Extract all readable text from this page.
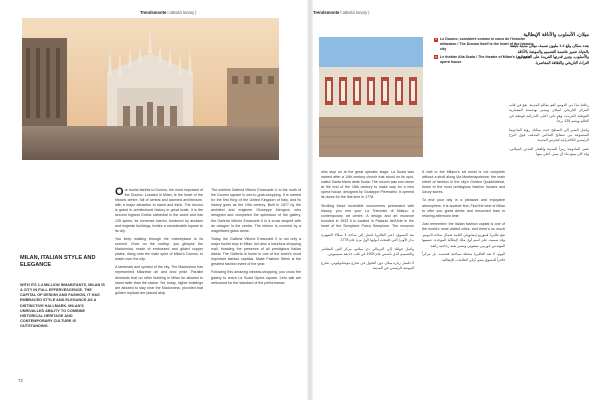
Trendsmonte l attività lunary |	Trendsmonte l attività lunary |
MILAN, ITALIAN STYLE AND ELEGANCE
WITH ITS 1.4 MILLION INHABITANTS, MILAN IS A CITY IN FULL EFFERVESCENCE. THE CAPITAL OF DESIGN AND FASHION, IT HAS EMBRACED STYLE AND ELEGANCE AS A DISTINCTIVE HALLMARK. MILAN'S UNRIVALLED ABILITY TO COMBINE HISTORICAL HERITAGE AND CONTEMPORARY CULTURE IS OUTSTANDING.

Our tourist fairthis to Duomo, the most important of the Duomo. Located in Milan, is the heart of the historic centre, full of central and adorned architecture, with a major attraction to stand and think. The duomo is grand in architectural history in great scale, it is the second highest Gothic cathedral in the world and has 135 spires. Its immense interior, bordered by arcades and majestic buildings, invites a considerable square to its city.

You keep walking through the marketplace to its summit. Once on the rooftop, you glimpse the Madonnina, made of embossed and gilded copper plates, rising onto the main spire of Milan's Duomo, to watch over the city.

A landmark and symbol of the city, The Madonnina has represented Milanese art and civic pride. Parallel demands that no other building in Milan be allowed to stand taller than the statue. Yet, today, higher buildings are allowed to stay near the Madonnina, provided that golden replicas are placed atop.

The sublime Galleria Vittorio Emanuele II, to the north of the Duomo square is one-to-grab-shopping. It is named for the first King of the United Kingdom of Italy, and its history goes as the 19th century. Built in 1877 by the architect and engineer Giuseppe Mengoni, who designed and completed the splendour of the gallery, the Galleria Vittorio Emanuele II is a cross shaped with an octagon in the centre. The interior is covered by a magnificent glass dome.

Today, the Galleria Vittorio Emanuele II is not only a major tourist stop in Milan, but also a luxurious shopping mall, boasting the presence of all prestigious Italian labels. The Galleria is home to one of the world's most important fashion capitals. Make Fashion Week is the greatest fashion event of the year.

Following this amazing window-shopping, you cross the gallery to reach La Scala Opera square. Let's talk are welcomed for the standard of the performance.

72
1 Le Duomo, considéré comme le cœur de l'histoire milanaise / The Duomo itself is the heart of the historic city
2 Le théâtre Alla Scala / The theatre of Milan's La Scala opera house

who stop on at the great operatic stage. La Scala was named after a 14th-century church that stood on its spot, called Santa Maria della Scala. The church was torn down at the end of the 18th century to make way for a new opera house, designed by Giuseppe Piermarini. It opened its doors for the first time in 1778.

Strolling these incredible monuments permeated with history, you end your La Triennale di Milano, a contemporary art centre. A design and art museum founded in 1933 it is located in Palazzo dell'Arte in the heart of the Sempione Parco Sempione. The museum

A visit to the Milano's art world is not complete without a stroll along Via Montenapoleone, the main street of fashion in the city's Golden Quadrilateral, home to the most prestigious fashion houses and luxury stores.

To end your day in a pleasant and enjoyable atmosphere, it is another fine, Find the best of Milan to offer you great drinks and renowned bars in relaxing afternoon time.

Just remember: the Italian fashion capital is one of the world's most visited cities, and there's so much

ميلان، الأسلوب والأناقة الإيطالية
بعدد سكان يبلغ 1.4 مليون نسمة، ميلان مدينة نابضة بالحياة. تتميز عاصمة التصميم والموضة بالأناقة والأسلوب، وتبرز قدرتها الفريدة على الجمع بين التراث التاريخي والثقافة المعاصرة.

رحلتنا تبدأ من الدومو، أهم معالم المدينة. يقع في قلب المركز التاريخي لميلان ويتميز بهندسته المعمارية القوطية الفريدة، وهو ثاني أعلى كاتدرائية قوطية في العالم ويضم 135 برجاً.

واصل السير إلى السطح حيث يمكنك رؤية المادونينا المصنوعة من صفائح النحاس المذهب فوق البرج الرئيسي للكاتدرائية لتحرس المدينة.

تعتبر المادونينا رمزاً للمدينة وللفخر المدني الميلاني، وقد كان يمنع بناء أي مبنى أعلى منها.

تقع غاليريا فيتوريو إيمانويلي الثانية شمال ساحة الدومو، وقد سميت على اسم أول ملك لإيطاليا الموحدة. صممها المهندس جوزيبي مينغوني وتتميز بقبة زجاجية رائعة.

اليوم، لا تعد الغاليريا محطة سياحية فحسب، بل مركزاً فاخراً للتسوق يضم أرقى العلامات الإيطالية.

بعد التسوق، اعبر الغاليريا لتصل إلى ساحة لا سكالا الشهيرة بدار الأوبرا التي افتتحت أبوابها لأول مرة عام 1778.

واصل جولتك إلى الترينالي دي ميلانو، مركز الفن المعاصر والتصميم الذي تأسس عام 1933 في قلب حديقة سيمبيوني.

لا تكتمل زيارة ميلان دون التجول في شارع مونتنابوليوني، شارع الموضة الرئيسي في المدينة.
